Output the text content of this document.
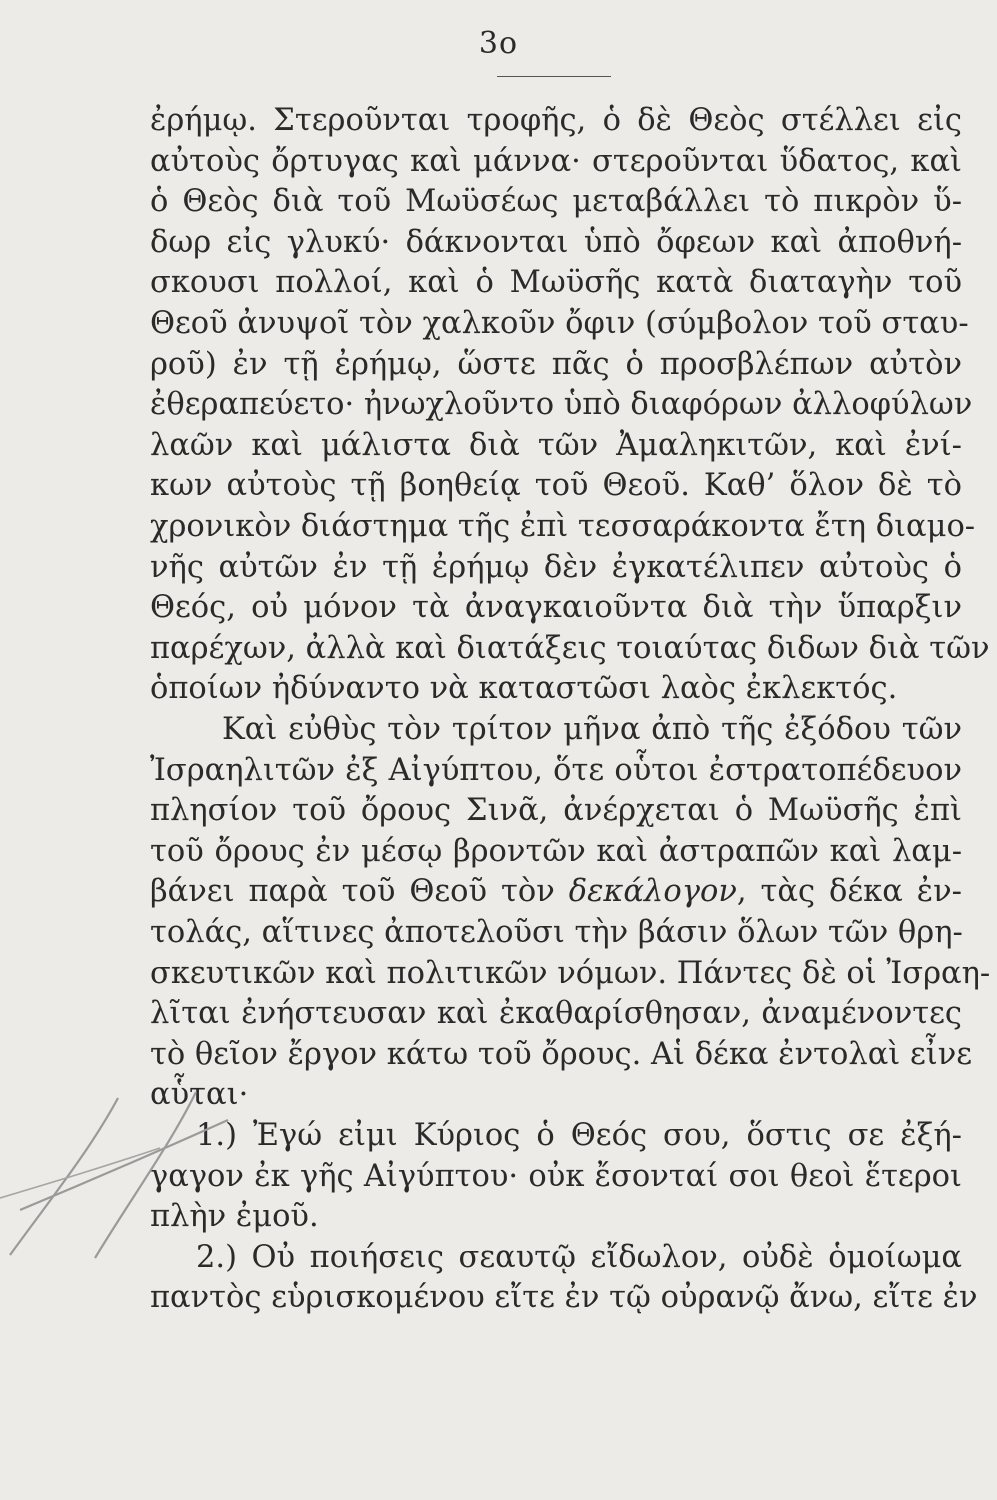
3o
ἐρήμῳ. Στεροῦνται τροφῆς, ὁ δὲ Θεὸς στέλλει εἰς
αὐτοὺς ὄρτυγας καὶ μάννα· στεροῦνται ὕδατος, καὶ
ὁ Θεὸς διὰ τοῦ Μωϋσέως μεταβάλλει τὸ πικρὸν ὕ-
δωρ εἰς γλυκύ· δάκνονται ὑπὸ ὄφεων καὶ ἀποθνή-
σκουσι πολλοί, καὶ ὁ Μωϋσῆς κατὰ διαταγὴν τοῦ
Θεοῦ ἀνυψοῖ τὸν χαλκοῦν ὄφιν (σύμβολον τοῦ σταυ-
ροῦ) ἐν τῇ ἐρήμῳ, ὥστε πᾶς ὁ προσβλέπων αὐτὸν
ἐθεραπεύετο· ἠνωχλοῦντο ὑπὸ διαφόρων ἀλλοφύλων
λαῶν καὶ μάλιστα διὰ τῶν Ἀμαληκιτῶν, καὶ ἐνί-
κων αὐτοὺς τῇ βοηθείᾳ τοῦ Θεοῦ. Καθ’ ὅλον δὲ τὸ
χρονικὸν διάστημα τῆς ἐπὶ τεσσαράκοντα ἔτη διαμο-
νῆς αὐτῶν ἐν τῇ ἐρήμῳ δὲν ἐγκατέλιπεν αὐτοὺς ὁ
Θεός, οὐ μόνον τὰ ἀναγκαιοῦντα διὰ τὴν ὕπαρξιν
παρέχων, ἀλλὰ καὶ διατάξεις τοιαύτας διδων διὰ τῶν
ὁποίων ἠδύναντο νὰ καταστῶσι λαὸς ἐκλεκτός.
Καὶ εὐθὺς τὸν τρίτον μῆνα ἀπὸ τῆς ἐξόδου τῶν
Ἰσραηλιτῶν ἐξ Αἰγύπτου, ὅτε οὗτοι ἐστρατοπέδευον
πλησίον τοῦ ὄρους Σινᾶ, ἀνέρχεται ὁ Μωϋσῆς ἐπὶ
τοῦ ὄρους ἐν μέσῳ βροντῶν καὶ ἀστραπῶν καὶ λαμ-
βάνει παρὰ τοῦ Θεοῦ τὸν δεκάλογον, τὰς δέκα ἐν-
τολάς, αἵτινες ἀποτελοῦσι τὴν βάσιν ὅλων τῶν θρη-
σκευτικῶν καὶ πολιτικῶν νόμων. Πάντες δὲ οἱ Ἰσραη-
λῖται ἐνήστευσαν καὶ ἐκαθαρίσθησαν, ἀναμένοντες
τὸ θεῖον ἔργον κάτω τοῦ ὄρους. Αἱ δέκα ἐντολαὶ εἶνε
αὗται·
1.) Ἐγώ εἰμι Κύριος ὁ Θεός σου, ὅστις σε ἐξή-
γαγον ἐκ γῆς Αἰγύπτου· οὐκ ἔσονταί σοι θεοὶ ἕτεροι
πλὴν ἐμοῦ.
2.) Οὐ ποιήσεις σεαυτῷ εἴδωλον, οὐδὲ ὁμοίωμα
παντὸς εὑρισκομένου εἴτε ἐν τῷ οὐρανῷ ἄνω, εἴτε ἐν
